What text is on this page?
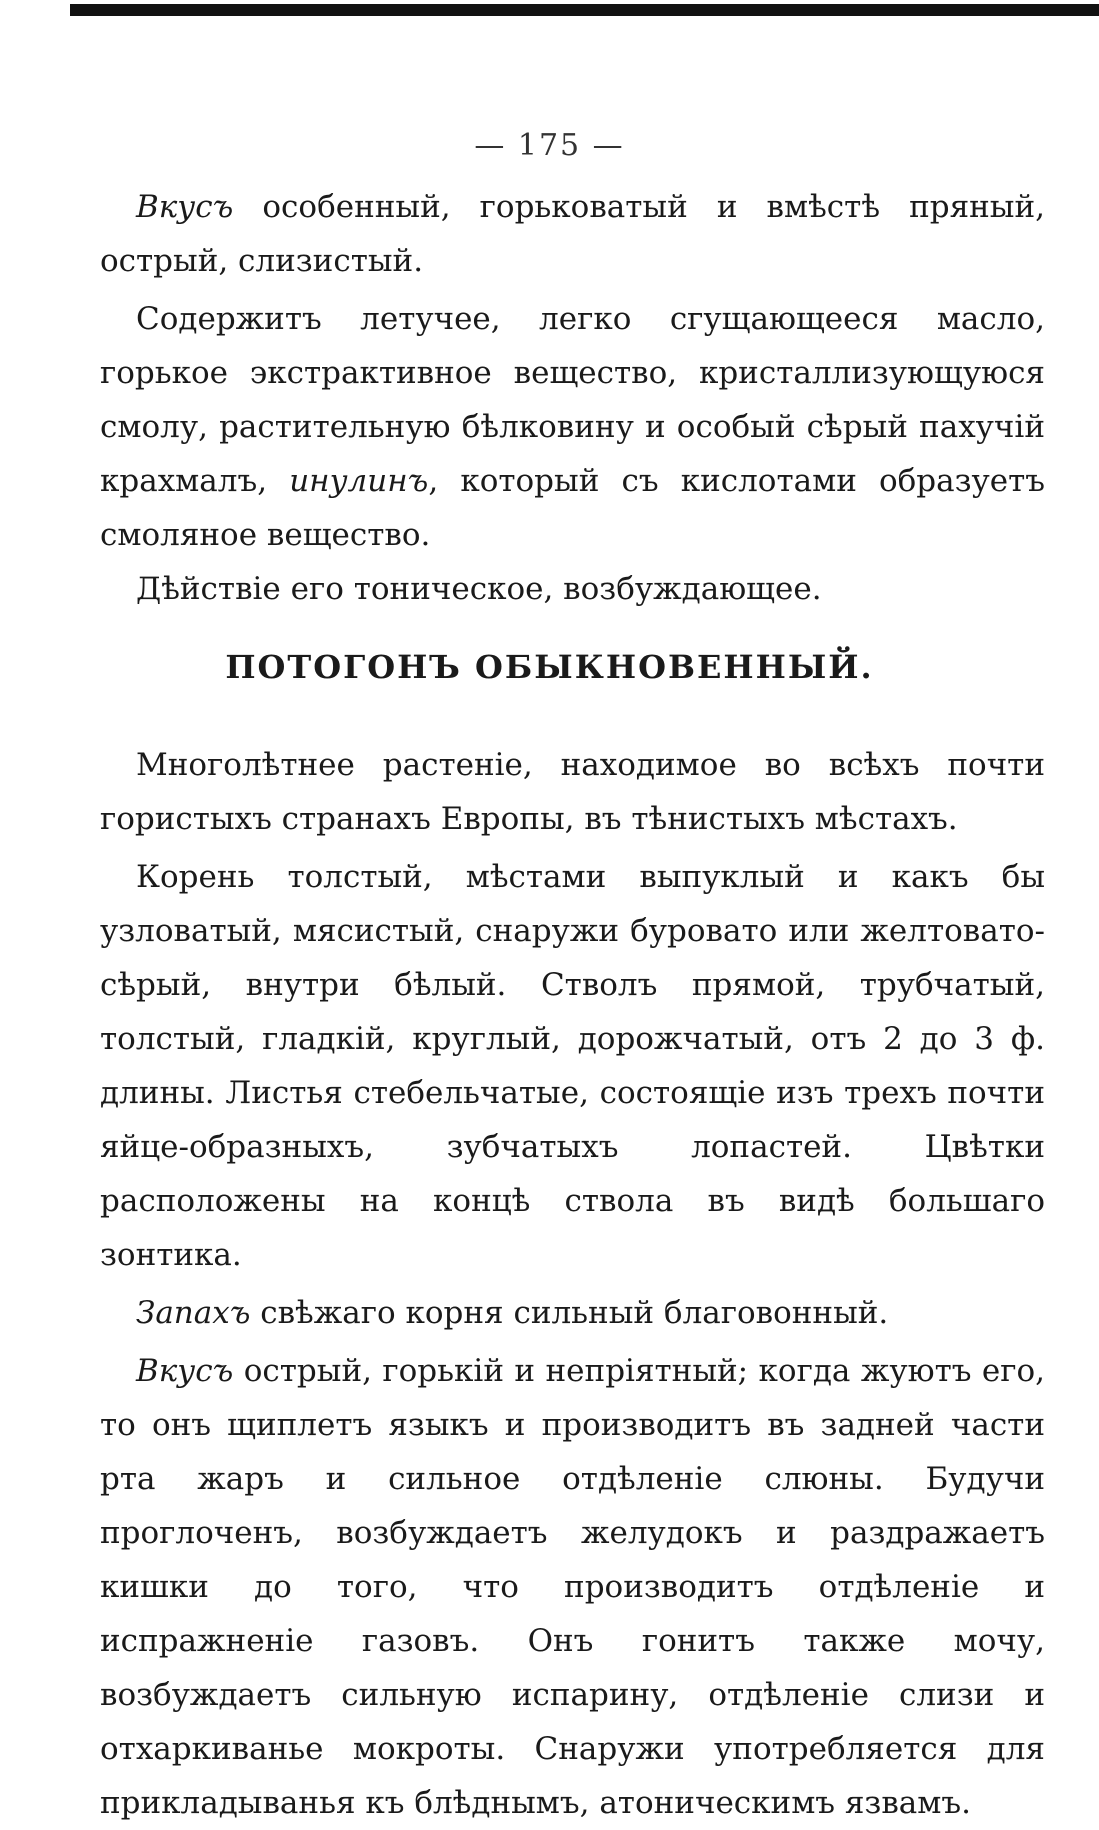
— 175 —

Вкусъ особенный, горьковатый и вмѣстѣ пряный, острый, слизистый.

Содержитъ летучее, легко сгущающееся масло, горькое экстрактивное вещество, кристаллизующуюся смолу, растительную бѣлковину и особый сѣрый пахучій крахмалъ, инулинъ, который съ кислотами образуетъ смоляное вещество.

Дѣйствіе его тоническое, возбуждающее.

ПОТОГОНЪ ОБЫКНОВЕННЫЙ.

Многолѣтнее растеніе, находимое во всѣхъ почти гористыхъ странахъ Европы, въ тѣнистыхъ мѣстахъ.

Корень толстый, мѣстами выпуклый и какъ бы узловатый, мясистый, снаружи буровато или желтовато-сѣрый, внутри бѣлый. Стволъ прямой, трубчатый, толстый, гладкій, круглый, дорожчатый, отъ 2 до 3 ф. длины. Листья стебельчатые, состоящіе изъ трехъ почти яйце-образныхъ, зубчатыхъ лопастей. Цвѣтки расположены на концѣ ствола въ видѣ большаго зонтика.

Запахъ свѣжаго корня сильный благовонный.

Вкусъ острый, горькій и непріятный; когда жуютъ его, то онъ щиплетъ языкъ и производитъ въ задней части рта жаръ и сильное отдѣленіе слюны. Будучи проглоченъ, возбуждаетъ желудокъ и раздражаетъ кишки до того, что производитъ отдѣленіе и испражненіе газовъ. Онъ гонитъ также мочу, возбуждаетъ сильную испарину, отдѣленіе слизи и отхаркиванье мокроты. Снаружи употребляется для прикладыванья къ блѣднымъ, атоническимъ язвамъ.
